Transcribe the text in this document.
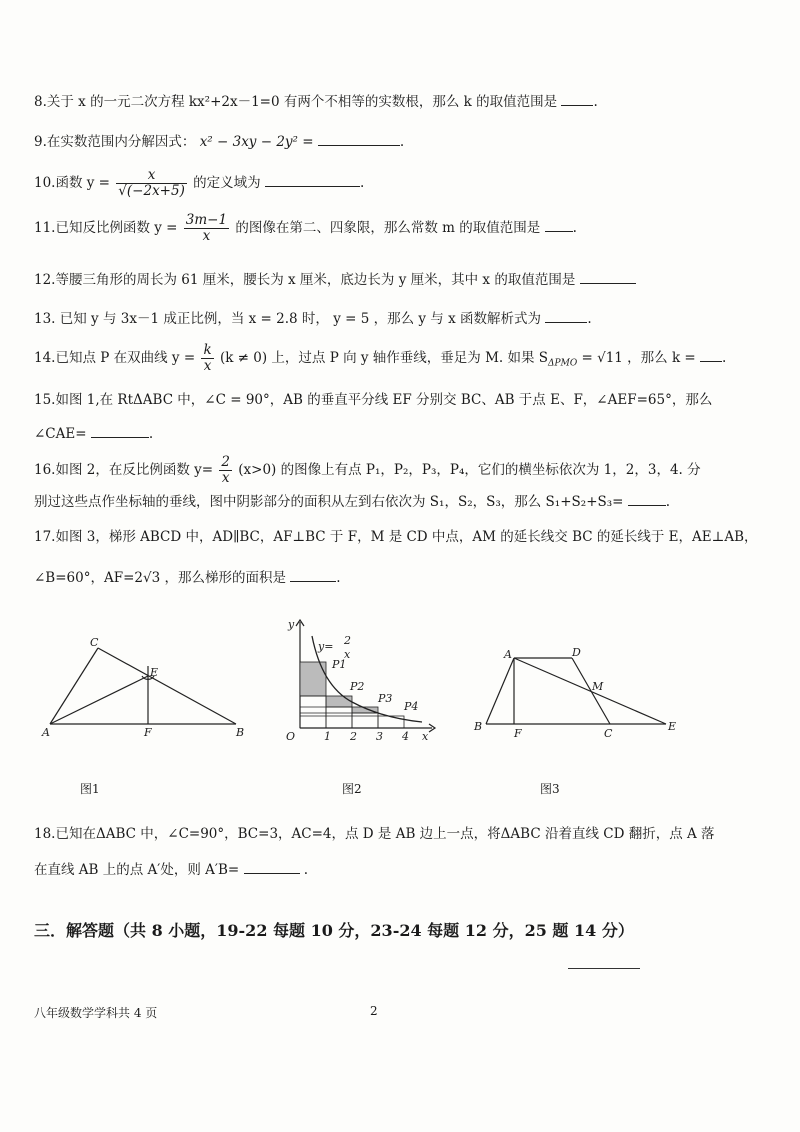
8.关于 x 的一元二次方程 kx²+2x－1=0 有两个不相等的实数根，那么 k 的取值范围是	.
9.在实数范围内分解因式： x² − 3xy − 2y² =	.
10.函数 $y = \frac{x}{√(-2x+5)}$ 的定义域为	.
11.已知反比例函数 $y = \frac{3m-1}{x}$ 的图像在第二、四象限，那么常数 m 的取值范围是 .
12.等腰三角形的周长为 61 厘米，腰长为 x 厘米，底边长为 y 厘米，其中 x 的取值范围是
13. 已知 y 与 3x－1 成正比例，当 x = 2.8 时， y = 5 ，那么 y 与 x 函数解析式为	.
14.已知点 P 在双曲线 $y = \frac{k}{x} (k \ne 0)$ 上，过点 P 向 y 轴作垂线，垂足为 M. 如果 $S_{\Delta PMO} = √11$ ，那么 k = .
15.如图 1,在 RtΔABC 中，∠C = 90°，AB 的垂直平分线 EF 分别交 BC、AB 于点 E、F，∠AEF=65°，那么
∠CAE=	.
16.如图 2，在反比例函数 $y= \frac{2}{x} (x>0)$ 的图像上有点 P₁，P₂，P₃，P₄，它们的横坐标依次为 1，2，3，4. 分
别过这些点作坐标轴的垂线，图中阴影部分的面积从左到右依次为 S₁，S₂，S₃，那么 S₁+S₂+S₃=	.
17.如图 3，梯形 ABCD 中，AD∥BC，AF⊥BC 于 F，M 是 CD 中点，AM 的延长线交 BC 的延长线于 E，AE⊥AB，
∠B=60°，AF=2√3 ，那么梯形的面积是	.
C
E
A	F	B
图1
y
y= 2
x
P1
P2
P3
P4
O	1 2 3 4 x
图2
A	D
M
B
F	C
E
图3
18.已知在ΔABC 中，∠C=90°，BC=3，AC=4，点 D 是 AB 边上一点，将ΔABC 沿着直线 CD 翻折，点 A 落
在直线 AB 上的点 A′处，则 A′B=	.
三．解答题（共 8 小题，19-22 每题 10 分，23-24 每题 12 分，25 题 14 分）
八年级数学学科共 4 页	2
